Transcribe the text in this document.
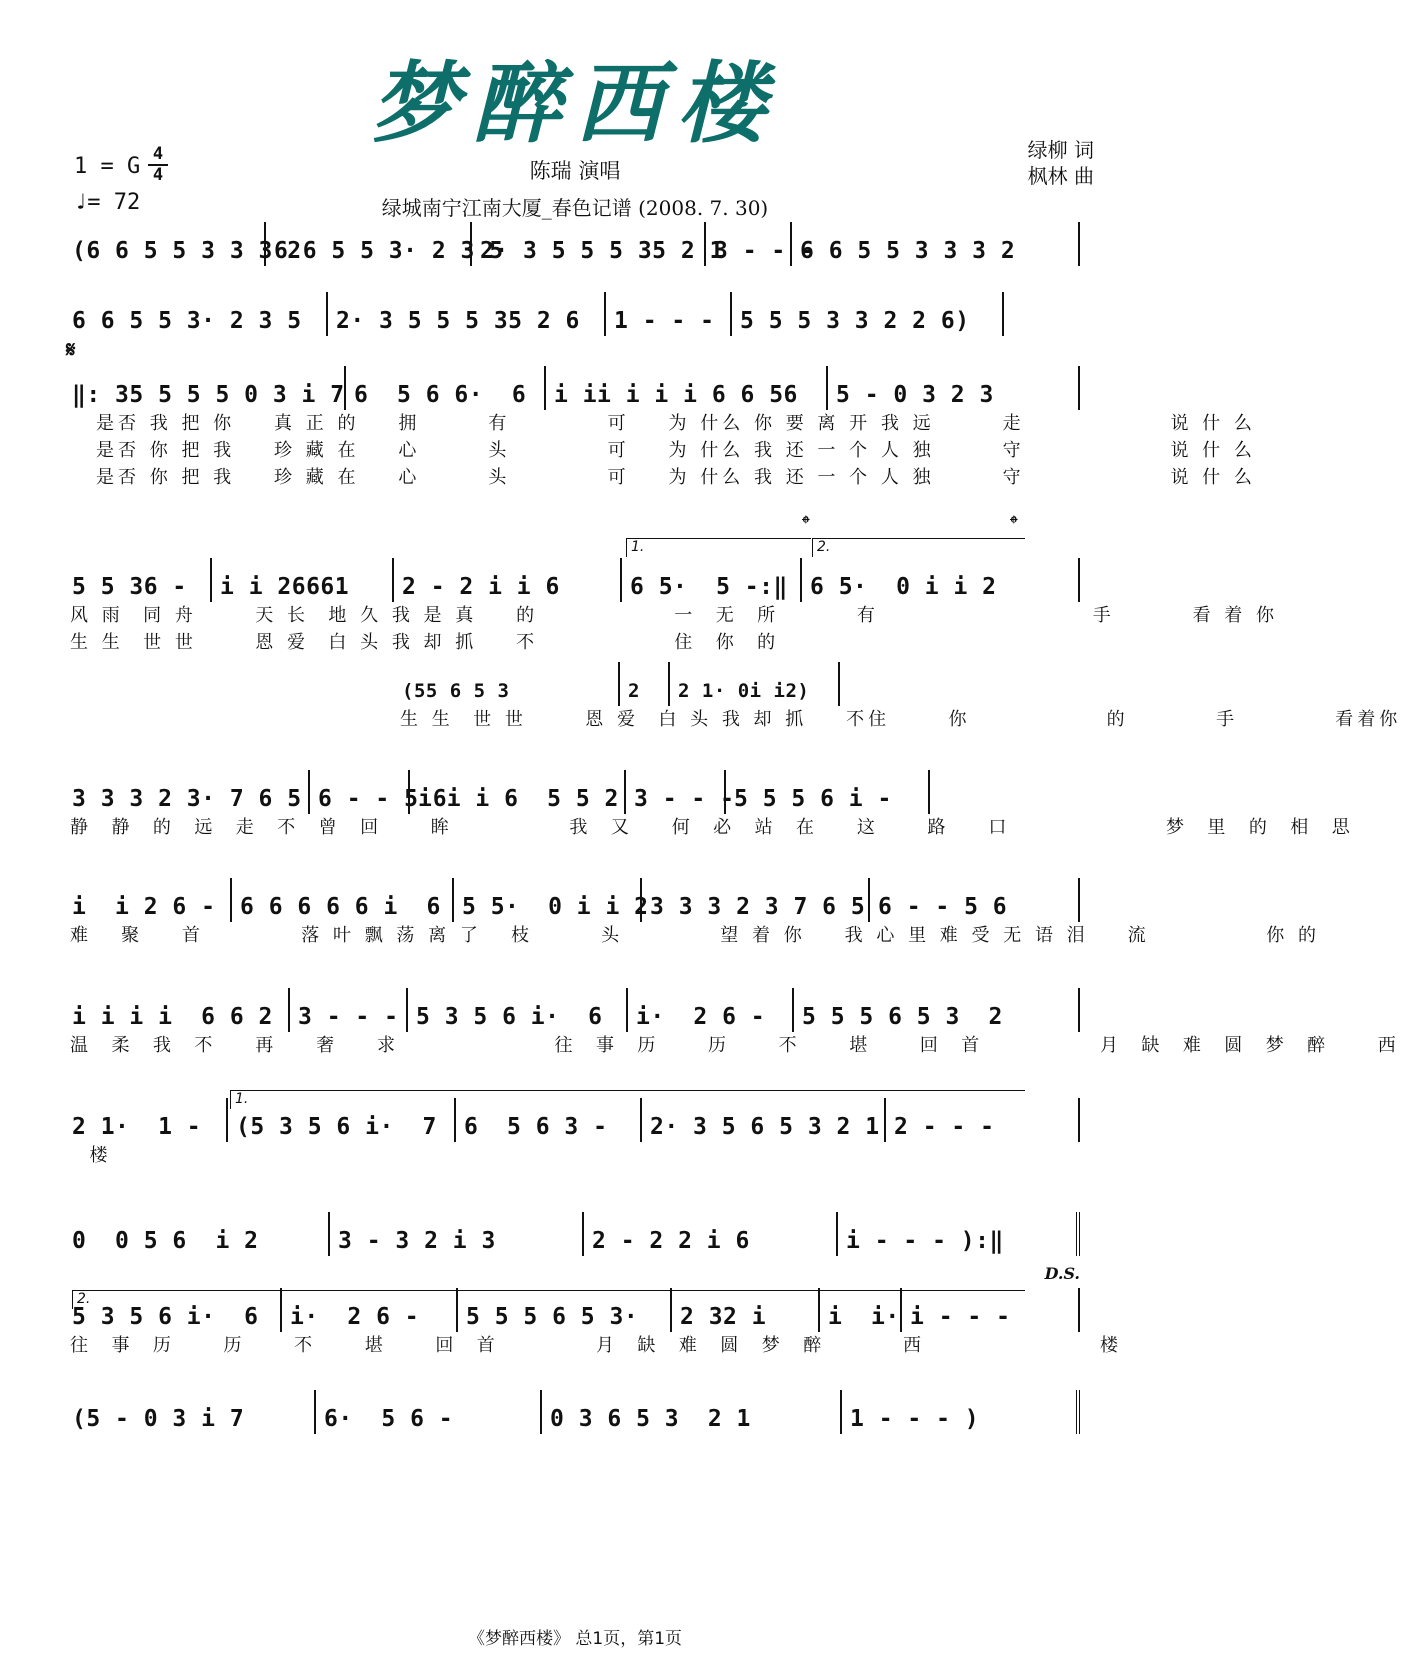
梦醉西楼
1 = G 4
4
♩= 72
陈瑞 演唱
绿城南宁江南大厦_春色记谱 (2008. 7. 30)
绿柳 词
枫林 曲
(6 6 5 5 3 3 3 2
6 6 5 5 3· 2 3 5
2· 3 5 5 5 35 2 1
3 - - -
6 6 5 5 3 3 3 2
6 6 5 5 3· 2 3 5 2· 3 5 5 5 35 2 6 1 - - - 5 5 5 3 3 2 2 6)
‖: 35 5 5 5 0 3 i 7 6  5 6 6·  6 i ii i i i 6 6 56 5 - 0 3 2 3
是否 我 把 你    真 正 的    拥       有          可    为 什么 你 要 离 开 我 远       走               说 什 么
是否 你 把 我    珍 藏 在    心       头          可    为 什么 我 还 一 个 人 独       守               说 什 么
是否 你 把 我    珍 藏 在    心       头          可    为 什么 我 还 一 个 人 独       守               说 什 么
5 5 36 - i i 26661 2 - 2 i i 6	6 5·  5 -:‖ 6 5·  0 i i 2
风 雨  同 舟      天 长  地 久 我 是 真    的              一  无  所        有                      手        看 着 你
生 生  世 世      恩 爱  白 头 我 却 抓    不              住  你  的
(55 6 5 3	2 2 1· 0i i2)
生 生  世 世      恩 爱  白 头 我 却 抓    不住      你              的         手          看着你
3 3 3 2 3· 7 6 5 6 - - 5 6
i i i 6  5 5 2 3 - - - 5 5 5 6 i -
静  静  的  远  走  不  曾  回     眸            我  又    何  必  站  在    这     路    口                梦  里  的  相  思
i  i 2 6 - 6 6 6 6 6 i  6 5 5·  0 i i 2 3 3 3 2 3 7 6 5 6 - - 5 6
难   聚    首          落 叶 飘 荡 离 了   枝       头          望 着 你    我 心 里 难 受 无 语 泪    流            你 的
i i i i  6 6 2 3 - - - 5 3 5 6 i·  6 i·  2 6 - 5 5 5 6 5 3  2
温  柔  我  不    再    奢    求                往  事  历     历     不     堪     回  首            月  缺  难  圆  梦  醉     西
2 1·  1 - (5 3 5 6 i·  7 6  5 6 3 - 2· 3 5 6 5 3 2 1 2 - - -
楼
0  0 5 6  i 2	3 - 3 2 i 3	2 - 2 2 i 6	i - - - ):‖
5 3 5 6 i·  6 i·  2 6 - 5 5 5 6 5 3· 2 32 i	i  i· i - - -
往  事  历     历     不     堪     回  首          月  缺  难  圆  梦  醉        西                  楼
(5 - 0 3 i 7	6·  5 6 -	0 3 6 5 3  2 1	1 - - - )
𝄋
𝄌	𝄌
1.	2.
1.
D.S.
2.
《梦醉西楼》 总1页，第1页
